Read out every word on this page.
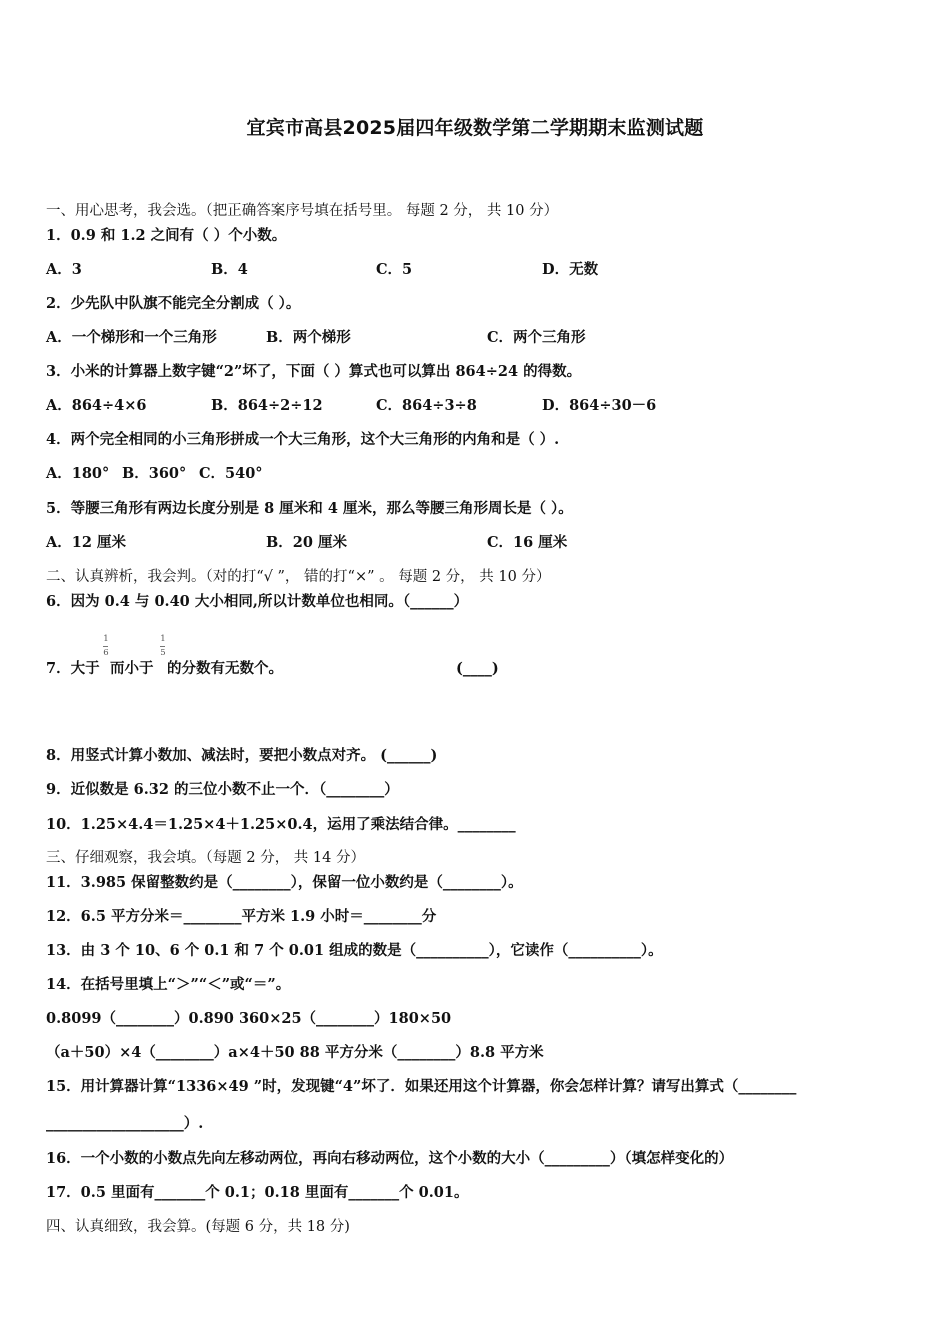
宜宾市高县2025届四年级数学第二学期期末监测试题
一、用心思考，我会选。（把正确答案序号填在括号里。 每题 2 分， 共 10 分）
1．0.9 和 1.2 之间有（ ）个小数。
A．3	B．4	C．5	D．无数
2．少先队中队旗不能完全分割成（ ）。
A．一个梯形和一个三角形	B．两个梯形	C．两个三角形
3．小米的计算器上数字键“2”坏了，下面（ ）算式也可以算出 864÷24 的得数。
A．864÷4×6	B．864÷2÷12	C．864÷3÷8	D．864÷30－6
4．两个完全相同的小三角形拼成一个大三角形，这个大三角形的内角和是（ ）.
A．180° B．360° C．540°
5．等腰三角形有两边长度分别是 8 厘米和 4 厘米，那么等腰三角形周长是（ ）。
A．12 厘米	B．20 厘米	C．16 厘米
二、认真辨析，我会判。（对的打“√ ”， 错的打“×” 。 每题 2 分， 共 10 分）
6．因为 0.4 与 0.40 大小相同,所以计数单位也相同。（______）
7．大于
1
6
而小于
1
5
的分数有无数个。	(____)
8．用竖式计算小数加、减法时，要把小数点对齐。 (______)
9．近似数是 6.32 的三位小数不止一个．（________）
10．1.25×4.4＝1.25×4＋1.25×0.4，运用了乘法结合律。________
三、仔细观察，我会填。（每题 2 分， 共 14 分）
11．3.985 保留整数约是（________），保留一位小数约是（________）。
12．6.5 平方分米＝________平方米 1.9 小时＝________分
13．由 3 个 10、6 个 0.1 和 7 个 0.01 组成的数是（__________），它读作（__________）。
14．在括号里填上“＞”“＜”或“＝”。
0.8099（________）0.890 360×25（________）180×50
（a＋50）×4（________）a×4＋50 88 平方分米（________）8.8 平方米
15．用计算器计算“1336×49 ”时，发现键“4”坏了．如果还用这个计算器，你会怎样计算？请写出算式（________
___________________）.
16．一个小数的小数点先向左移动两位，再向右移动两位，这个小数的大小（_________）（填怎样变化的）
17．0.5 里面有_______个 0.1；0.18 里面有_______个 0.01。
四、认真细致，我会算。(每题 6 分，共 18 分)
